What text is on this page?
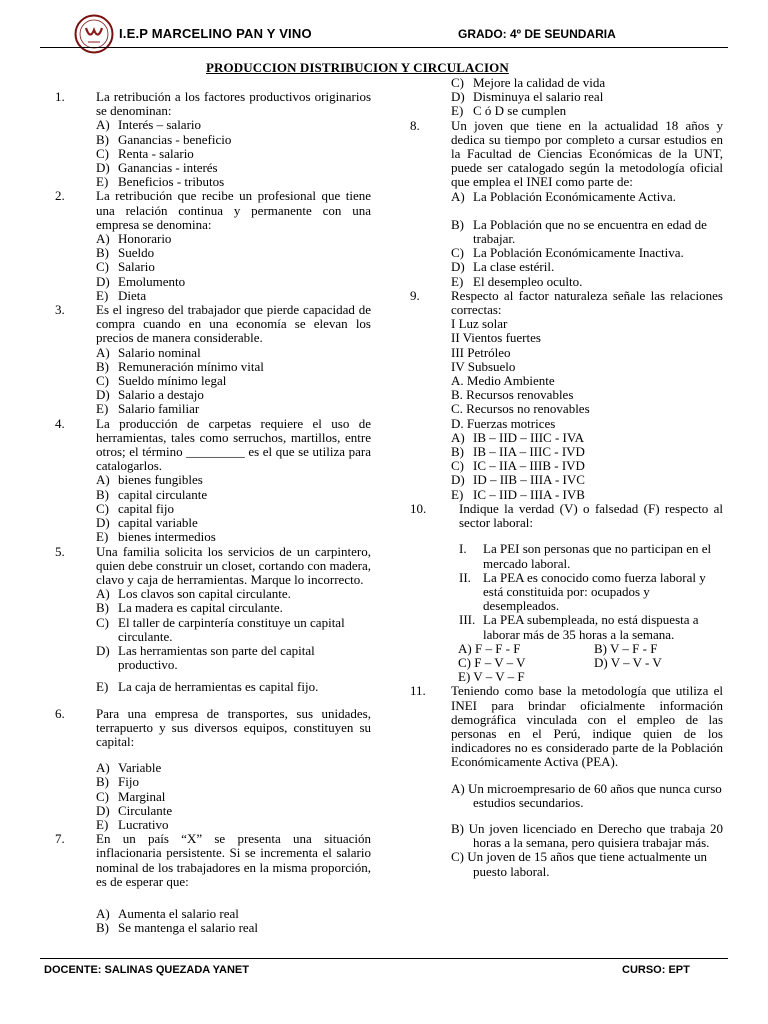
I.E.P MARCELINO PAN Y VINO	GRADO: 4º DE SEUNDARIA
PRODUCCION DISTRIBUCION Y CIRCULACION
1.	La retribución a los factores productivos originarios se denominan:
A) Interés – salario
B) Ganancias - beneficio
C) Renta - salario
D) Ganancias - interés
E) Beneficios - tributos
2.	La retribución que recibe un profesional que tiene una relación continua y permanente con una empresa se denomina:
A) Honorario
B) Sueldo
C) Salario
D) Emolumento
E) Dieta
3.	Es el ingreso del trabajador que pierde capacidad de compra cuando en una economía se elevan los precios de manera considerable.
A) Salario nominal
B) Remuneración mínimo vital
C) Sueldo mínimo legal
D) Salario a destajo
E) Salario familiar
4.	La producción de carpetas requiere el uso de herramientas, tales como serruchos, martillos, entre otros; el término _________ es el que se utiliza para catalogarlos.
A) bienes fungibles
B) capital circulante
C) capital fijo
D) capital variable
E) bienes intermedios
5.	Una familia solicita los servicios de un carpintero, quien debe construir un closet, cortando con madera, clavo y caja de herramientas. Marque lo incorrecto.
A) Los clavos son capital circulante.
B) La madera es capital circulante.
C) El taller de carpintería constituye un capital circulante.
D) Las herramientas son parte del capital productivo.
E) La caja de herramientas es capital fijo.
6.	Para una empresa de transportes, sus unidades, terrapuerto y sus diversos equipos, constituyen su capital:
A) Variable
B) Fijo
C) Marginal
D) Circulante
E) Lucrativo
7.	En un país “X” se presenta una situación inflacionaria persistente. Si se incrementa el salario nominal de los trabajadores en la misma proporción, es de esperar que:
A) Aumenta el salario real
B) Se mantenga el salario real
C) Mejore la calidad de vida
D) Disminuya el salario real
E) C ó D se cumplen
8.	Un joven que tiene en la actualidad 18 años y dedica su tiempo por completo a cursar estudios en la Facultad de Ciencias Económicas de la UNT, puede ser catalogado según la metodología oficial que emplea el INEI como parte de:
A) La Población Económicamente Activa.
B) La Población que no se encuentra en edad de trabajar.
C) La Población Económicamente Inactiva.
D) La clase estéril.
E) El desempleo oculto.
9.	Respecto al factor naturaleza señale las relaciones correctas:
I Luz solar
II Vientos fuertes
III Petróleo
IV Subsuelo
A. Medio Ambiente
B. Recursos renovables
C. Recursos no renovables
D. Fuerzas motrices
A) IB – IID – IIIC - IVA
B) IB – IIA – IIIC - IVD
C) IC – IIA – IIIB - IVD
D) ID – IIB – IIIA - IVC
E) IC – IID – IIIA - IVB
10.	Indique la verdad (V) o falsedad (F) respecto al sector laboral:
I.	La PEI son personas que no participan en el mercado laboral.
II. La PEA es conocido como fuerza laboral y está constituida por: ocupados y desempleados.
III. La PEA subempleada, no está dispuesta a laborar más de 35 horas a la semana.
A) F – F - F	B) V – F - F
C) F – V – V	D) V – V - V
E) V – V – F
11.	Teniendo como base la metodología que utiliza el INEI para brindar oficialmente información demográfica vinculada con el empleo de las personas en el Perú, indique quien de los indicadores no es considerado parte de la Población Económicamente Activa (PEA).
A) Un microempresario de 60 años que nunca curso estudios secundarios.
B) Un joven licenciado en Derecho que trabaja 20 horas a la semana, pero quisiera trabajar más.
C) Un joven de 15 años que tiene actualmente un puesto laboral.
DOCENTE: SALINAS QUEZADA YANET	CURSO: EPT
